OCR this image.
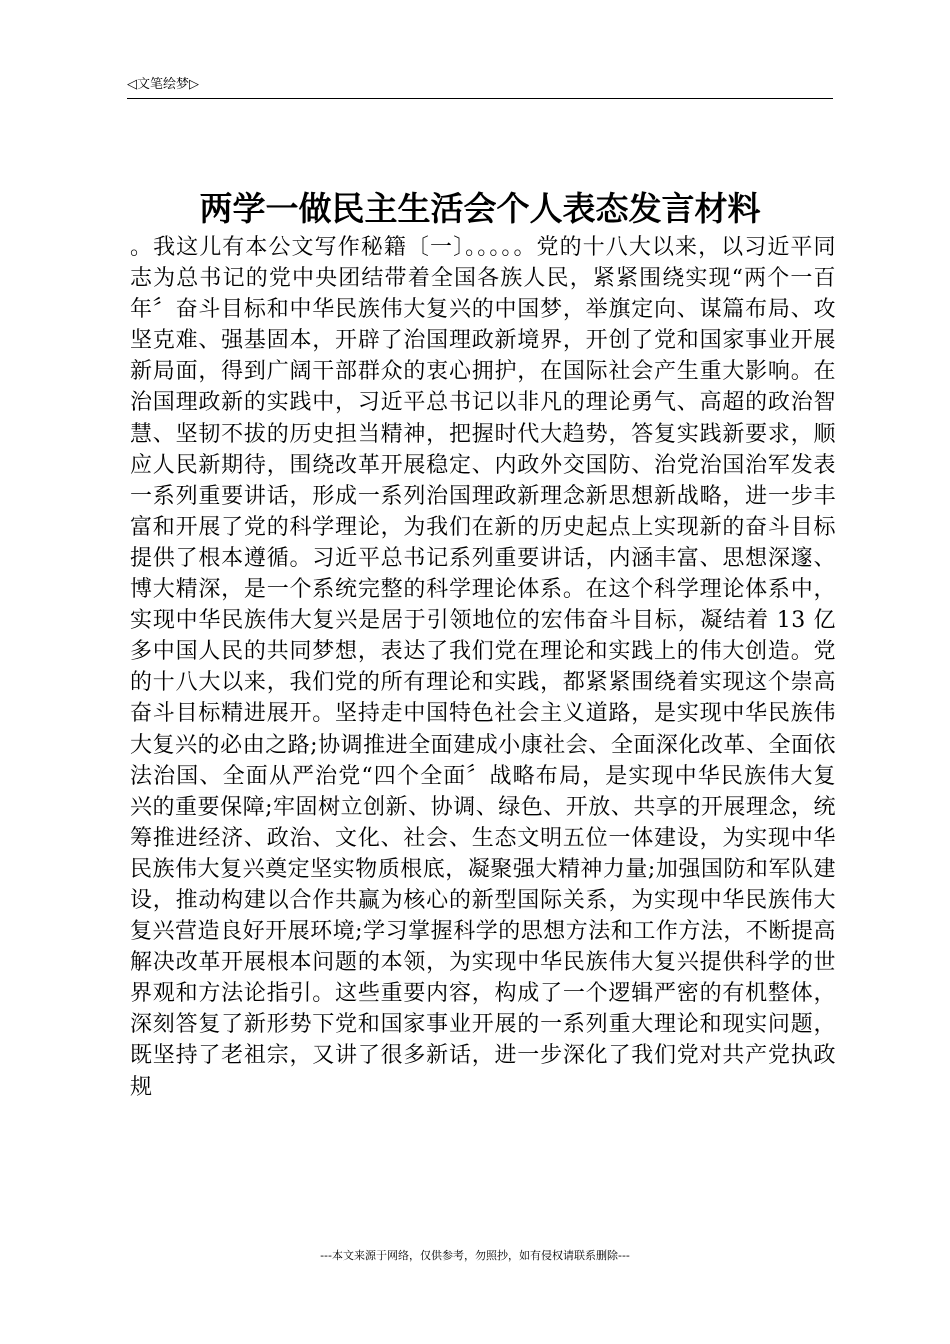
◁文笔绘梦▷
两学一做民主生活会个人表态发言材料

。我这儿有本公文写作秘籍〔一〕。。。。。党的十八大以来，以习近平同志为总书记的党中央团结带着全国各族人民，紧紧围绕实现“两个一百年〞奋斗目标和中华民族伟大复兴的中国梦，举旗定向、谋篇布局、攻坚克难、强基固本，开辟了治国理政新境界，开创了党和国家事业开展新局面，得到广阔干部群众的衷心拥护，在国际社会产生重大影响。在治国理政新的实践中，习近平总书记以非凡的理论勇气、高超的政治智慧、坚韧不拔的历史担当精神，把握时代大趋势，答复实践新要求，顺应人民新期待，围绕改革开展稳定、内政外交国防、治党治国治军发表一系列重要讲话，形成一系列治国理政新理念新思想新战略，进一步丰富和开展了党的科学理论，为我们在新的历史起点上实现新的奋斗目标提供了根本遵循。习近平总书记系列重要讲话，内涵丰富、思想深邃、博大精深，是一个系统完整的科学理论体系。在这个科学理论体系中，实现中华民族伟大复兴是居于引领地位的宏伟奋斗目标，凝结着 13 亿多中国人民的共同梦想，表达了我们党在理论和实践上的伟大创造。党的十八大以来，我们党的所有理论和实践，都紧紧围绕着实现这个崇高奋斗目标精进展开。坚持走中国特色社会主义道路，是实现中华民族伟大复兴的必由之路;协调推进全面建成小康社会、全面深化改革、全面依法治国、全面从严治党“四个全面〞战略布局，是实现中华民族伟大复兴的重要保障;牢固树立创新、协调、绿色、开放、共享的开展理念，统筹推进经济、政治、文化、社会、生态文明五位一体建设，为实现中华民族伟大复兴奠定坚实物质根底，凝聚强大精神力量;加强国防和军队建设，推动构建以合作共赢为核心的新型国际关系，为实现中华民族伟大复兴营造良好开展环境;学习掌握科学的思想方法和工作方法，不断提高解决改革开展根本问题的本领，为实现中华民族伟大复兴提供科学的世界观和方法论指引。这些重要内容，构成了一个逻辑严密的有机整体，深刻答复了新形势下党和国家事业开展的一系列重大理论和现实问题，既坚持了老祖宗，又讲了很多新话，进一步深化了我们党对共产党执政规

---本文来源于网络，仅供参考，勿照抄，如有侵权请联系删除---
